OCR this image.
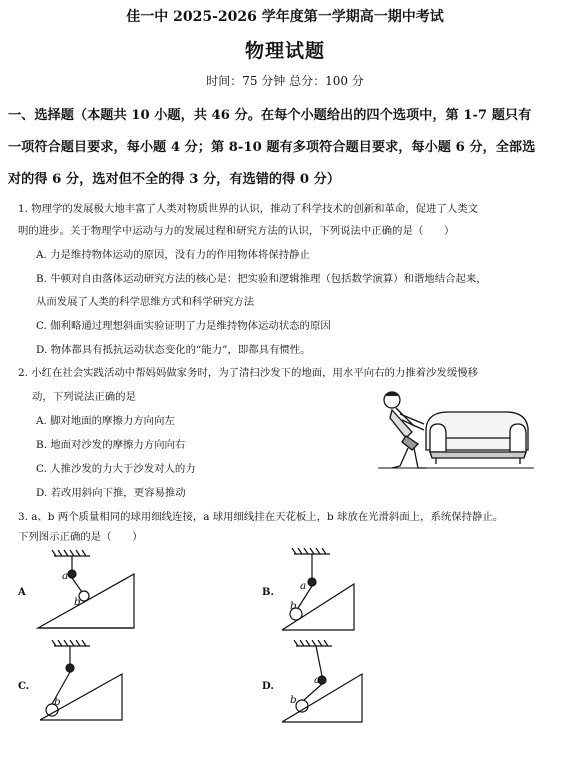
佳一中 2025-2026 学年度第一学期高一期中考试
物理试题
时间：75 分钟 总分：100 分
一、选择题（本题共 10 小题，共 46 分。在每个小题给出的四个选项中，第 1-7 题只有
一项符合题目要求，每小题 4 分；第 8-10 题有多项符合题目要求，每小题 6 分，全部选
对的得 6 分，选对但不全的得 3 分，有选错的得 0 分）
1. 物理学的发展极大地丰富了人类对物质世界的认识，推动了科学技术的创新和革命，促进了人类文
明的进步。关于物理学中运动与力的发展过程和研究方法的认识，下列说法中正确的是（　　）
A. 力是维持物体运动的原因，没有力的作用物体将保持静止
B. 牛顿对自由落体运动研究方法的核心是：把实验和逻辑推理（包括数学演算）和谐地结合起来，
从而发展了人类的科学思维方式和科学研究方法
C. 伽利略通过理想斜面实验证明了力是维持物体运动状态的原因
D. 物体都具有抵抗运动状态变化的“能力”，即都具有惯性。
2. 小红在社会实践活动中帮妈妈做家务时，为了清扫沙发下的地面，用水平向右的力推着沙发缓慢移
动，下列说法正确的是
A. 脚对地面的摩擦力方向向左
B. 地面对沙发的摩擦力方向向右
C. 人推沙发的力大于沙发对人的力
D. 若改用斜向下推，更容易推动
3. a、b 两个质量相同的球用细线连接，a 球用细线挂在天花板上，b 球放在光滑斜面上，系统保持静止。
下列图示正确的是（　　）
A
a
b
B.
a
b
C.
b
D.
a
b
